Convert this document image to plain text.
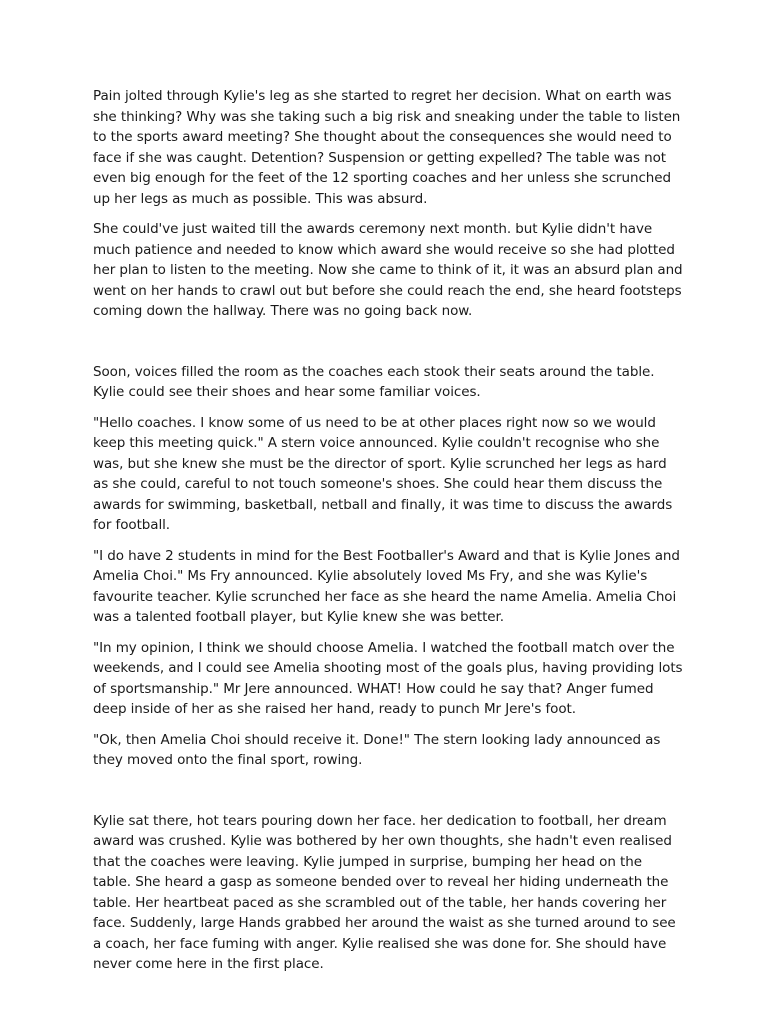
Pain jolted through Kylie's leg as she started to regret her decision. What on earth was she thinking? Why was she taking such a big risk and sneaking under the table to listen to the sports award meeting? She thought about the consequences she would need to face if she was caught. Detention? Suspension or getting expelled? The table was not even big enough for the feet of the 12 sporting coaches and her unless she scrunched up her legs as much as possible. This was absurd.

She could've just waited till the awards ceremony next month. but Kylie didn't have much patience and needed to know which award she would receive so she had plotted her plan to listen to the meeting. Now she came to think of it, it was an absurd plan and went on her hands to crawl out but before she could reach the end, she heard footsteps coming down the hallway. There was no going back now.

Soon, voices filled the room as the coaches each stook their seats around the table. Kylie could see their shoes and hear some familiar voices.

"Hello coaches. I know some of us need to be at other places right now so we would keep this meeting quick." A stern voice announced. Kylie couldn't recognise who she was, but she knew she must be the director of sport. Kylie scrunched her legs as hard as she could, careful to not touch someone's shoes. She could hear them discuss the awards for swimming, basketball, netball and finally, it was time to discuss the awards for football.

"I do have 2 students in mind for the Best Footballer's Award and that is Kylie Jones and Amelia Choi." Ms Fry announced. Kylie absolutely loved Ms Fry, and she was Kylie's favourite teacher. Kylie scrunched her face as she heard the name Amelia. Amelia Choi was a talented football player, but Kylie knew she was better.

"In my opinion, I think we should choose Amelia. I watched the football match over the weekends, and I could see Amelia shooting most of the goals plus, having providing lots of sportsmanship." Mr Jere announced. WHAT! How could he say that? Anger fumed deep inside of her as she raised her hand, ready to punch Mr Jere's foot.

"Ok, then Amelia Choi should receive it. Done!" The stern looking lady announced as they moved onto the final sport, rowing.

Kylie sat there, hot tears pouring down her face. her dedication to football, her dream award was crushed. Kylie was bothered by her own thoughts, she hadn't even realised that the coaches were leaving. Kylie jumped in surprise, bumping her head on the table. She heard a gasp as someone bended over to reveal her hiding underneath the table. Her heartbeat paced as she scrambled out of the table, her hands covering her face. Suddenly, large Hands grabbed her around the waist as she turned around to see a coach, her face fuming with anger. Kylie realised she was done for. She should have never come here in the first place.
